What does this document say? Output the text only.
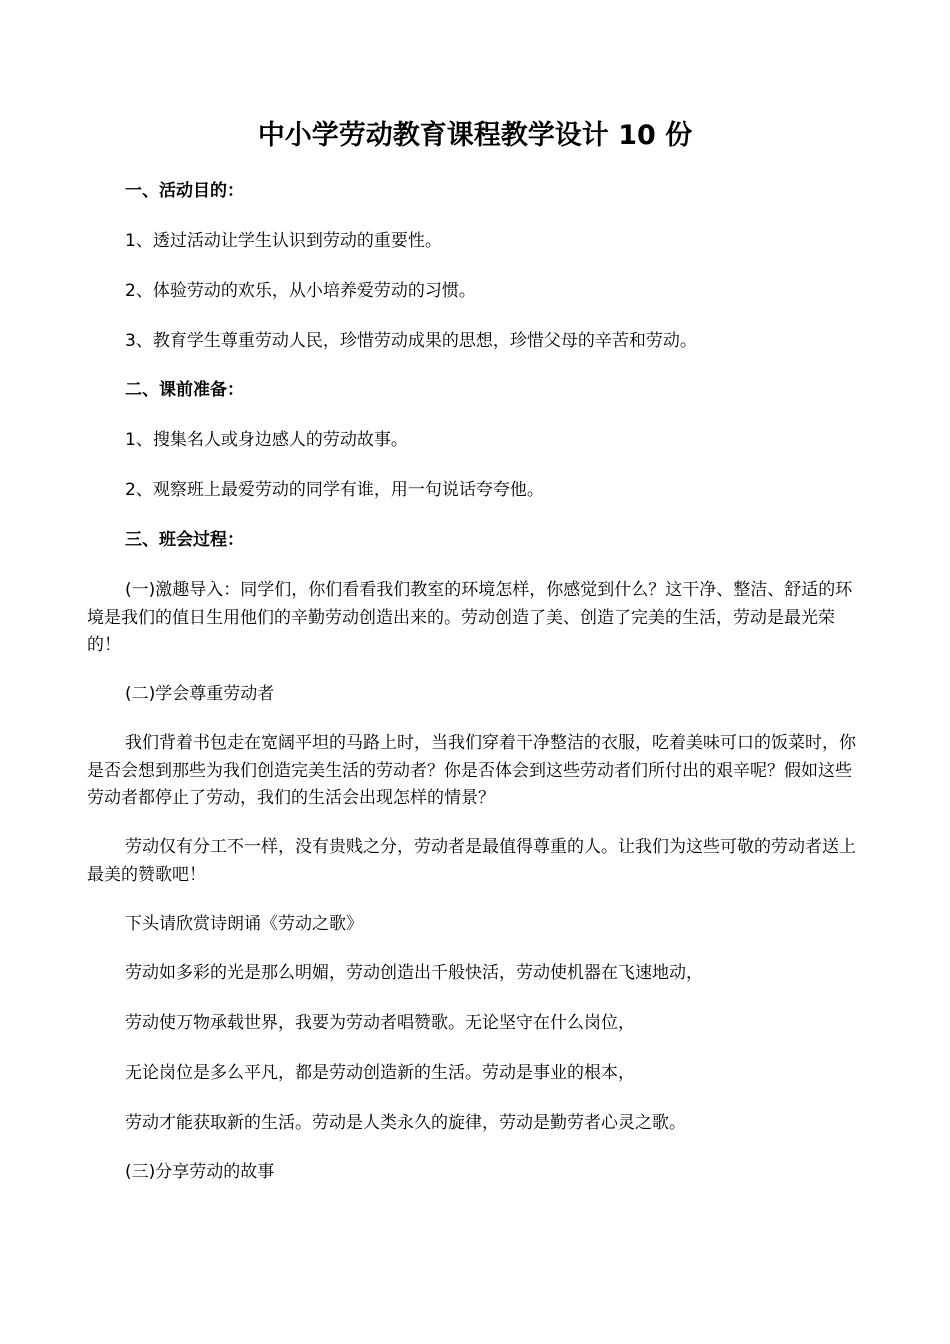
中小学劳动教育课程教学设计 10 份

一、活动目的：

1、透过活动让学生认识到劳动的重要性。

2、体验劳动的欢乐，从小培养爱劳动的习惯。

3、教育学生尊重劳动人民，珍惜劳动成果的思想，珍惜父母的辛苦和劳动。

二、课前准备：

1、搜集名人或身边感人的劳动故事。

2、观察班上最爱劳动的同学有谁，用一句说话夸夸他。

三、班会过程：

(一)激趣导入：同学们，你们看看我们教室的环境怎样，你感觉到什么？这干净、整洁、舒适的环境是我们的值日生用他们的辛勤劳动创造出来的。劳动创造了美、创造了完美的生活，劳动是最光荣的！

(二)学会尊重劳动者

我们背着书包走在宽阔平坦的马路上时，当我们穿着干净整洁的衣服，吃着美味可口的饭菜时，你是否会想到那些为我们创造完美生活的劳动者？你是否体会到这些劳动者们所付出的艰辛呢？假如这些劳动者都停止了劳动，我们的生活会出现怎样的情景？

劳动仅有分工不一样，没有贵贱之分，劳动者是最值得尊重的人。让我们为这些可敬的劳动者送上最美的赞歌吧！

下头请欣赏诗朗诵《劳动之歌》

劳动如多彩的光是那么明媚，劳动创造出千般快活，劳动使机器在飞速地动，

劳动使万物承载世界，我要为劳动者唱赞歌。无论坚守在什么岗位，

无论岗位是多么平凡，都是劳动创造新的生活。劳动是事业的根本，

劳动才能获取新的生活。劳动是人类永久的旋律，劳动是勤劳者心灵之歌。

(三)分享劳动的故事
